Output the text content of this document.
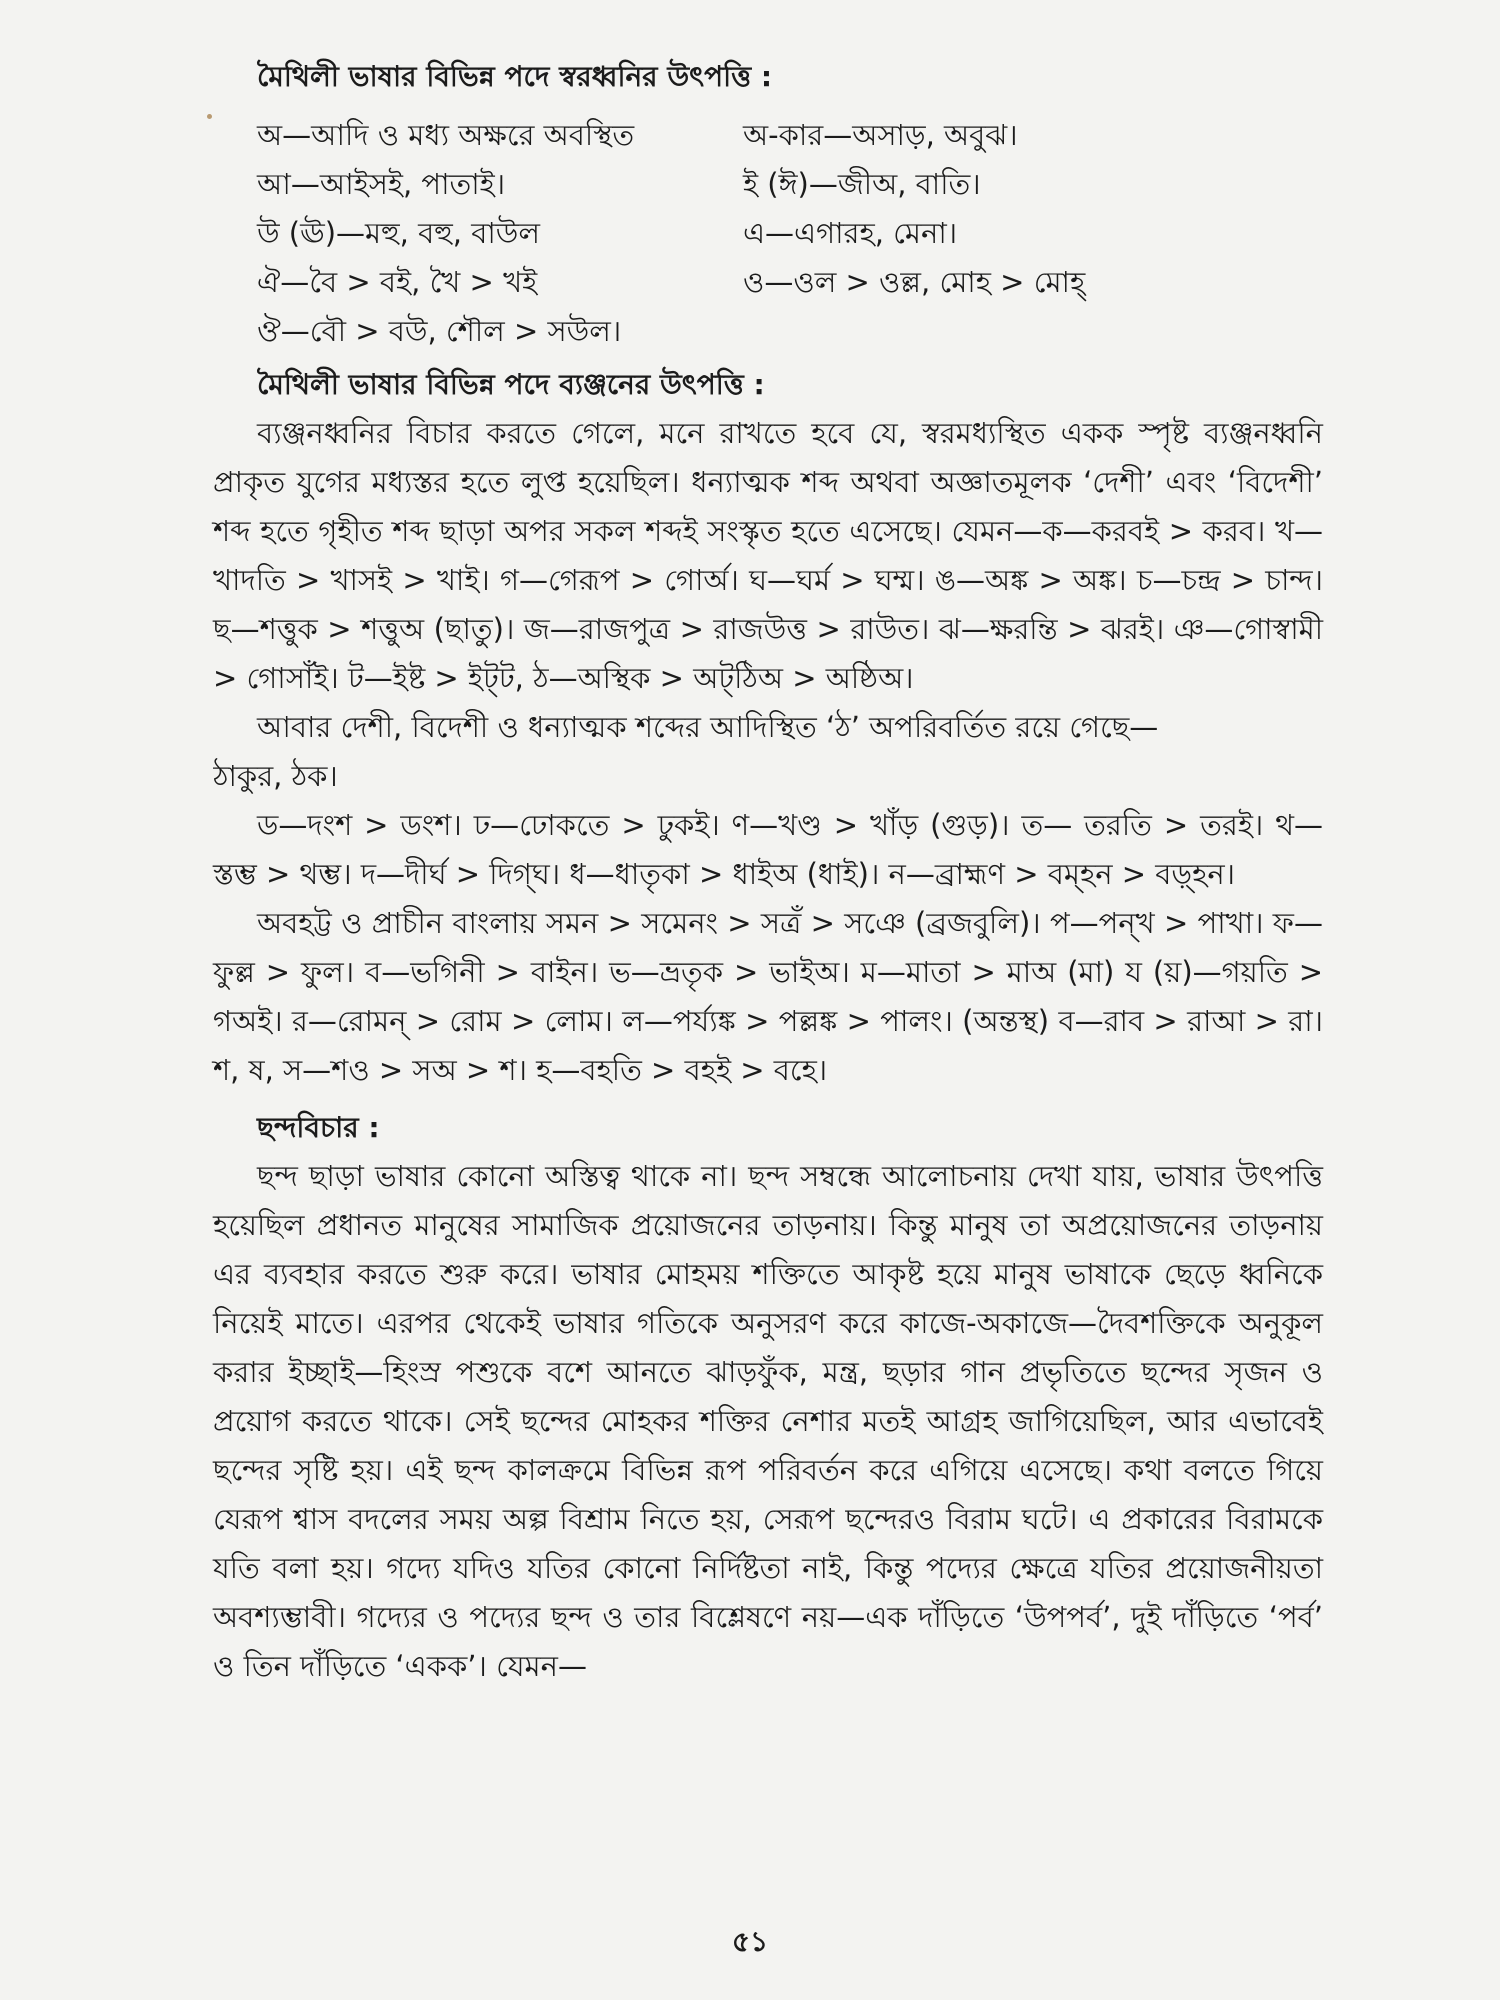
মৈথিলী ভাষার বিভিন্ন পদে স্বরধ্বনির উৎপত্তি :

অ—আদি ও মধ্য অক্ষরে অবস্থিত	অ-কার—অসাড়, অবুঝ।
আ—আইসই, পাতাই।	ই (ঈ)—জীঅ, বাতি।
উ (ঊ)—মহু, বহু, বাউল	এ—এগারহ, মেনা।
ঐ—বৈ > বই, খৈ > খই	ও—ওল > ওল্ল, মোহ > মোহ্
ঔ—বৌ > বউ, শৌল > সউল।

মৈথিলী ভাষার বিভিন্ন পদে ব্যঞ্জনের উৎপত্তি :

ব্যঞ্জনধ্বনির বিচার করতে গেলে, মনে রাখতে হবে যে, স্বরমধ্যস্থিত একক স্পৃষ্ট ব্যঞ্জনধ্বনি প্রাকৃত যুগের মধ্যস্তর হতে লুপ্ত হয়েছিল। ধন্যাত্মক শব্দ অথবা অজ্ঞাতমূলক ‘দেশী’ এবং ‘বিদেশী’ শব্দ হতে গৃহীত শব্দ ছাড়া অপর সকল শব্দই সংস্কৃত হতে এসেছে। যেমন—ক—করবই > করব। খ—খাদতি > খাসই > খাই। গ—গেরূপ > গোর্অ। ঘ—ঘর্ম > ঘম্ম। ঙ—অঙ্ক > অঙ্ক। চ—চন্দ্র > চান্দ। ছ—শত্তুক > শত্তুঅ (ছাতু)। জ—রাজপুত্র > রাজউত্ত > রাউত। ঝ—ক্ষরন্তি > ঝরই। ঞ—গোস্বামী > গোসাঁই। ট—ইষ্ট > ইট্‌ট, ঠ—অস্থিক > অট্‌ঠিঅ > অষ্ঠিঅ।

আবার দেশী, বিদেশী ও ধন্যাত্মক শব্দের আদিস্থিত ‘ঠ’ অপরিবর্তিত রয়ে গেছে—

ঠাকুর, ঠক।

ড—দংশ > ডংশ। ঢ—ঢোকতে > ঢুকই। ণ—খণ্ড > খাঁড় (গুড়)। ত— তরতি > তরই। থ—স্তম্ভ > থম্ভ। দ—দীর্ঘ > দিগ্‌ঘ। ধ—ধাতৃকা > ধাইঅ (ধাই)। ন—ব্রাহ্মণ > বম্‌হন > বড়্‌হন।

অবহট্ট ও প্রাচীন বাংলায় সমন > সমেনং > সত্রঁ > সঞে (ব্রজবুলি)। প—পন্‌খ > পাখা। ফ—ফুল্ল > ফুল। ব—ভগিনী > বাইন। ভ—ভ্রতৃক > ভাইঅ। ম—মাতা > মাঅ (মা) য (য়)—গয়তি > গঅই। র—রোমন্‌ > রোম > লোম। ল—পর্য্যঙ্ক > পল্লঙ্ক > পালং। (অন্তস্থ) ব—রাব > রাআ > রা। শ, ষ, স—শও > সঅ > শ। হ—বহতি > বহই > বহে।

ছন্দবিচার :

ছন্দ ছাড়া ভাষার কোনো অস্তিত্ব থাকে না। ছন্দ সম্বন্ধে আলোচনায় দেখা যায়, ভাষার উৎপত্তি হয়েছিল প্রধানত মানুষের সামাজিক প্রয়োজনের তাড়নায়। কিন্তু মানুষ তা অপ্রয়োজনের তাড়নায় এর ব্যবহার করতে শুরু করে। ভাষার মোহময় শক্তিতে আকৃষ্ট হয়ে মানুষ ভাষাকে ছেড়ে ধ্বনিকে নিয়েই মাতে। এরপর থেকেই ভাষার গতিকে অনুসরণ করে কাজে-অকাজে—দৈবশক্তিকে অনুকূল করার ইচ্ছাই—হিংস্র পশুকে বশে আনতে ঝাড়ফুঁক, মন্ত্র, ছড়ার গান প্রভৃতিতে ছন্দের সৃজন ও প্রয়োগ করতে থাকে। সেই ছন্দের মোহকর শক্তির নেশার মতই আগ্রহ জাগিয়েছিল, আর এভাবেই ছন্দের সৃষ্টি হয়। এই ছন্দ কালক্রমে বিভিন্ন রূপ পরিবর্তন করে এগিয়ে এসেছে। কথা বলতে গিয়ে যেরূপ শ্বাস বদলের সময় অল্প বিশ্রাম নিতে হয়, সেরূপ ছন্দেরও বিরাম ঘটে। এ প্রকারের বিরামকে যতি বলা হয়। গদ্যে যদিও যতির কোনো নির্দিষ্টতা নাই, কিন্তু পদ্যের ক্ষেত্রে যতির প্রয়োজনীয়তা অবশ্যম্ভাবী। গদ্যের ও পদ্যের ছন্দ ও তার বিশ্লেষণে নয়—এক দাঁড়িতে ‘উপপর্ব’, দুই দাঁড়িতে ‘পর্ব’ ও তিন দাঁড়িতে ‘একক’। যেমন—

৫১
